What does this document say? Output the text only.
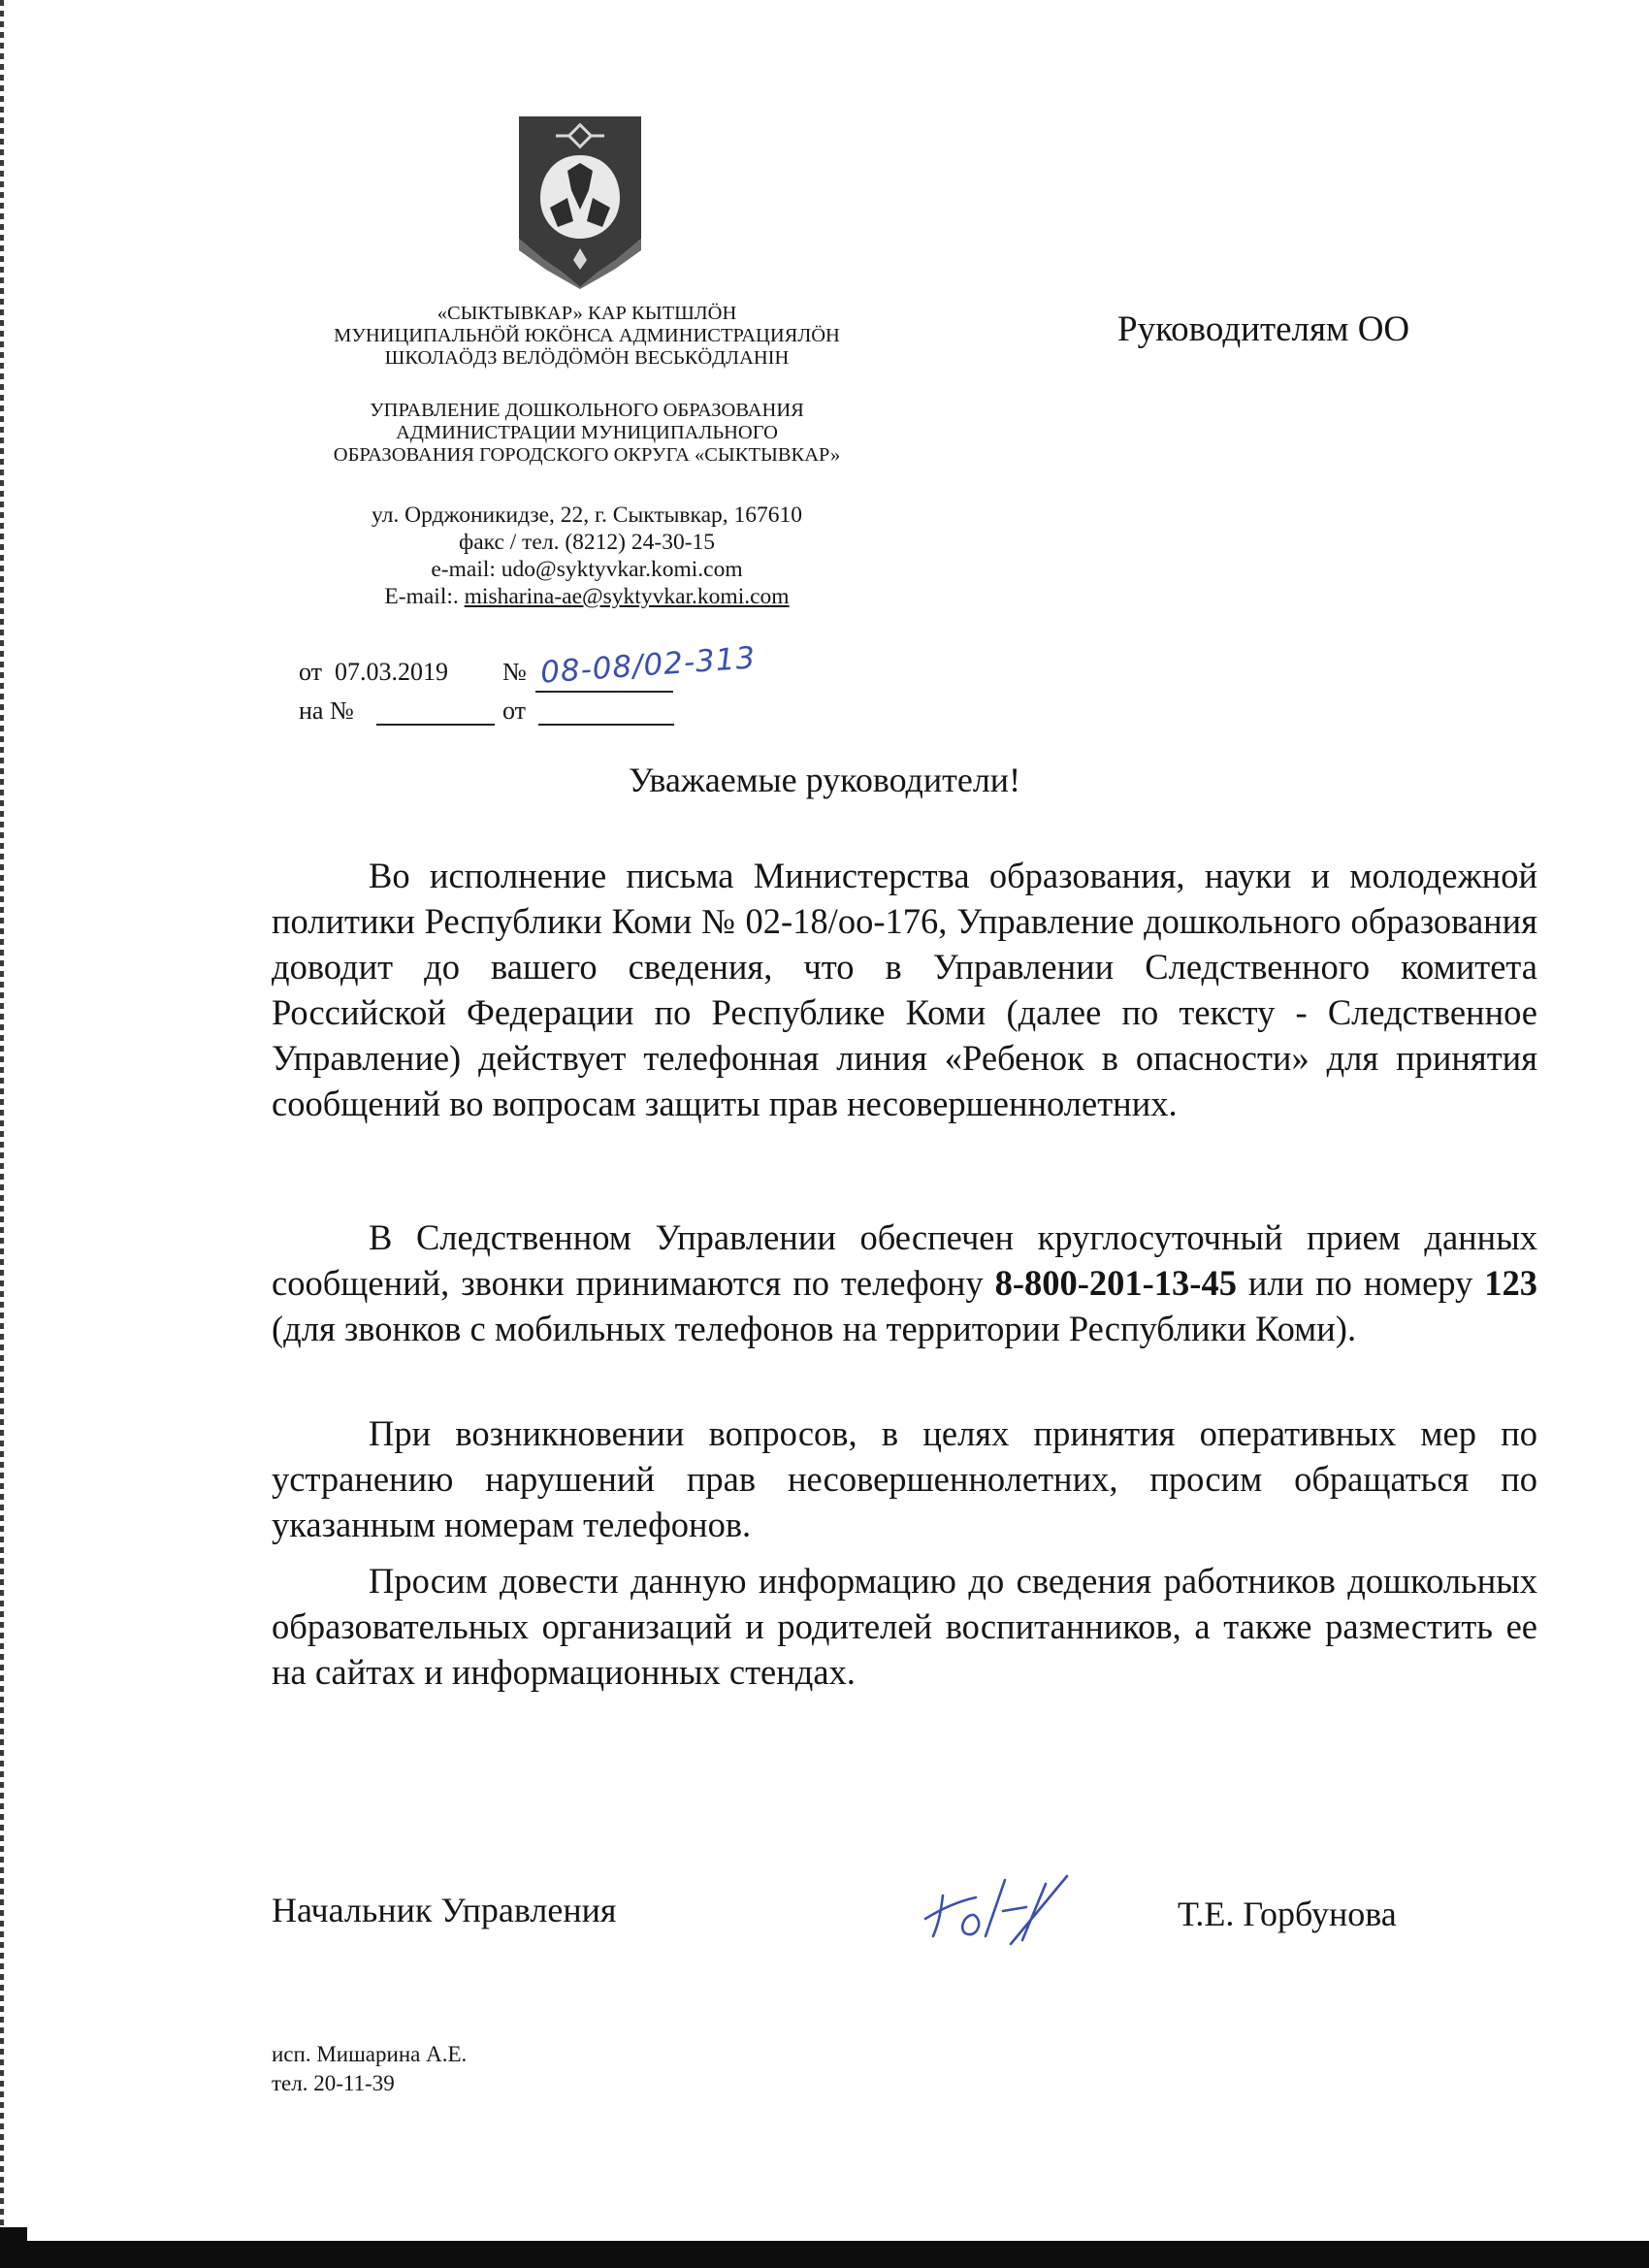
«СЫКТЫВКАР» КАР КЫТШЛӦН
МУНИЦИПАЛЬНӦЙ ЮКӦНСА АДМИНИСТРАЦИЯЛӦН
ШКОЛАӦДЗ ВЕЛӦДӦМӦН ВЕСЬКӦДЛАНIН
УПРАВЛЕНИЕ ДОШКОЛЬНОГО ОБРАЗОВАНИЯ
АДМИНИСТРАЦИИ МУНИЦИПАЛЬНОГО
ОБРАЗОВАНИЯ ГОРОДСКОГО ОКРУГА «СЫКТЫВКАР»
ул. Орджоникидзе, 22, г. Сыктывкар, 167610
факс / тел. (8212) 24-30-15
e-mail: udo@syktyvkar.komi.com
E-mail:. misharina-ae@syktyvkar.komi.com
Руководителям ОО
от 07.03.2019 № 08-08/02-313
на №	от
Уважаемые руководители!

Во исполнение письма Министерства образования, науки и молодежной политики Республики Коми № 02-18/оо-176, Управление дошкольного образования доводит до вашего сведения, что в Управлении Следственного комитета Российской Федерации по Республике Коми (далее по тексту - Следственное Управление) действует телефонная линия «Ребенок в опасности» для принятия сообщений во вопросам защиты прав несовершеннолетних.

В Следственном Управлении обеспечен круглосуточный прием данных сообщений, звонки принимаются по телефону 8-800-201-13-45 или по номеру 123 (для звонков с мобильных телефонов на территории Республики Коми).

При возникновении вопросов, в целях принятия оперативных мер по устранению нарушений прав несовершеннолетних, просим обращаться по указанным номерам телефонов.

Просим довести данную информацию до сведения работников дошкольных образовательных организаций и родителей воспитанников, а также разместить ее на сайтах и информационных стендах.

Начальник Управления	Т.Е. Горбунова
исп. Мишарина А.Е.
тел. 20-11-39
